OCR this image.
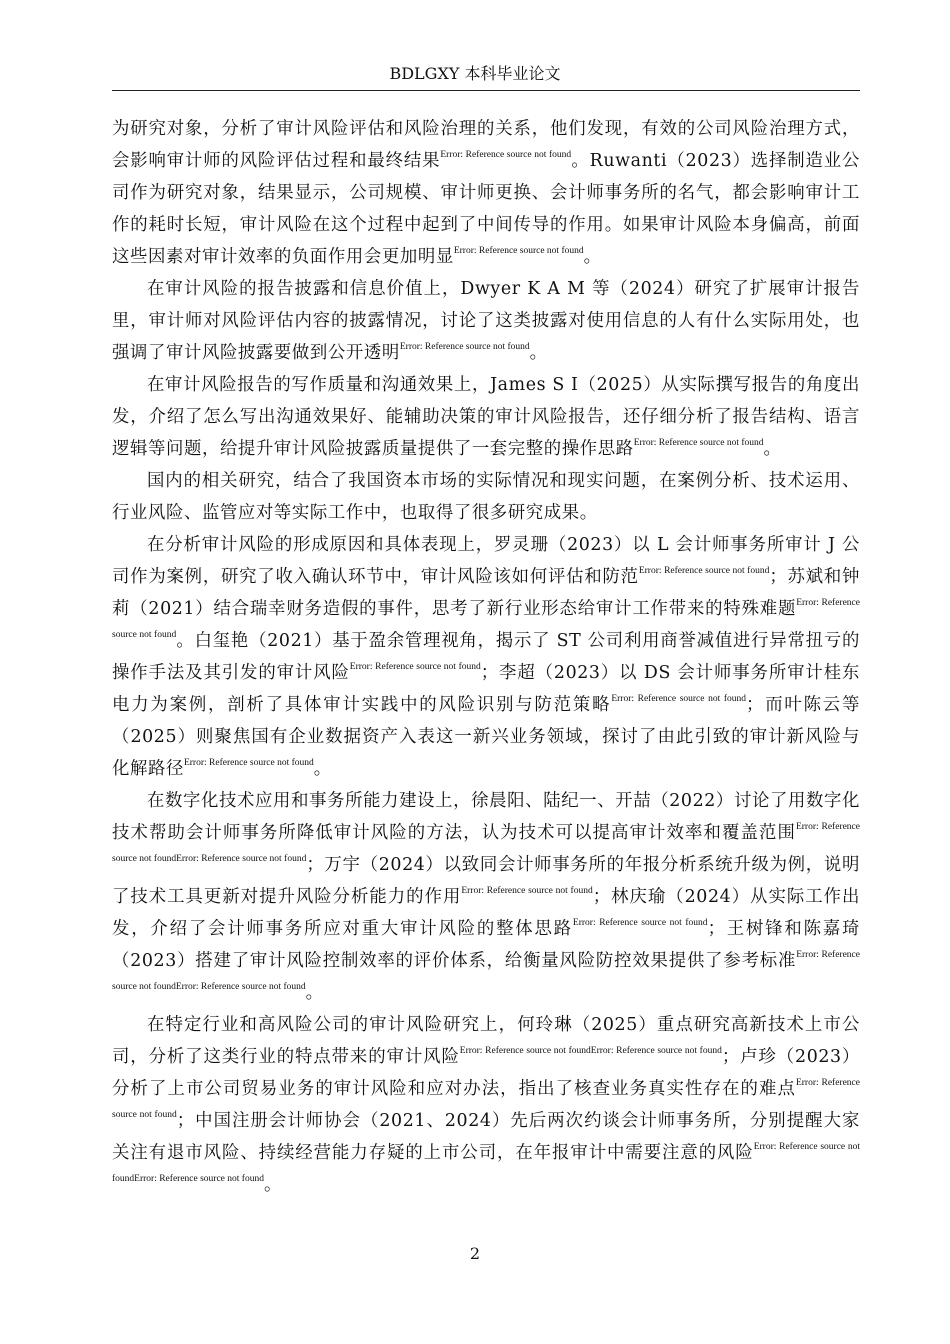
BDLGXY 本科毕业论文

为研究对象，分析了审计风险评估和风险治理的关系，他们发现，有效的公司风险治理方式，会影响审计师的风险评估过程和最终结果$^{Error: Reference source not found}$。Ruwanti（2023）选择制造业公司作为研究对象，结果显示，公司规模、审计师更换、会计师事务所的名气，都会影响审计工作的耗时长短，审计风险在这个过程中起到了中间传导的作用。如果审计风险本身偏高，前面这些因素对审计效率的负面作用会更加明显$^{Error: Reference source not found}$。

在审计风险的报告披露和信息价值上，Dwyer K A M 等（2024）研究了扩展审计报告里，审计师对风险评估内容的披露情况，讨论了这类披露对使用信息的人有什么实际用处，也强调了审计风险披露要做到公开透明$^{Error: Reference source not found}$。

在审计风险报告的写作质量和沟通效果上，James S I（2025）从实际撰写报告的角度出发，介绍了怎么写出沟通效果好、能辅助决策的审计风险报告，还仔细分析了报告结构、语言逻辑等问题，给提升审计风险披露质量提供了一套完整的操作思路$^{Error: Reference source not found}$。

国内的相关研究，结合了我国资本市场的实际情况和现实问题，在案例分析、技术运用、行业风险、监管应对等实际工作中，也取得了很多研究成果。

在分析审计风险的形成原因和具体表现上，罗灵珊（2023）以 L 会计师事务所审计 J 公司作为案例，研究了收入确认环节中，审计风险该如何评估和防范$^{Error: Reference source not found}$；苏斌和钟莉（2021）结合瑞幸财务造假的事件，思考了新行业形态给审计工作带来的特殊难题$^{Error: Reference source not found}$。白玺艳（2021）基于盈余管理视角，揭示了 ST 公司利用商誉减值进行异常扭亏的操作手法及其引发的审计风险$^{Error: Reference source not found}$；李超（2023）以 DS 会计师事务所审计桂东电力为案例，剖析了具体审计实践中的风险识别与防范策略$^{Error: Reference source not found}$；而叶陈云等（2025）则聚焦国有企业数据资产入表这一新兴业务领域，探讨了由此引致的审计新风险与化解路径$^{Error: Reference source not found}$。

在数字化技术应用和事务所能力建设上，徐晨阳、陆纪一、开喆（2022）讨论了用数字化技术帮助会计师事务所降低审计风险的方法，认为技术可以提高审计效率和覆盖范围$^{Error: Reference source not foundError: Reference source not found}$；万宇（2024）以致同会计师事务所的年报分析系统升级为例，说明了技术工具更新对提升风险分析能力的作用$^{Error: Reference source not found}$；林庆瑜（2024）从实际工作出发，介绍了会计师事务所应对重大审计风险的整体思路$^{Error: Reference source not found}$；王树锋和陈嘉琦（2023）搭建了审计风险控制效率的评价体系，给衡量风险防控效果提供了参考标准$^{Error: Reference source not foundError: Reference source not found}$。

在特定行业和高风险公司的审计风险研究上，何玲琳（2025）重点研究高新技术上市公司，分析了这类行业的特点带来的审计风险$^{Error: Reference source not foundError: Reference source not found}$；卢珍（2023）分析了上市公司贸易业务的审计风险和应对办法，指出了核查业务真实性存在的难点$^{Error: Reference source not found}$；中国注册会计师协会（2021、2024）先后两次约谈会计师事务所，分别提醒大家关注有退市风险、持续经营能力存疑的上市公司，在年报审计中需要注意的风险$^{Error: Reference source not foundError: Reference source not found}$。

2
